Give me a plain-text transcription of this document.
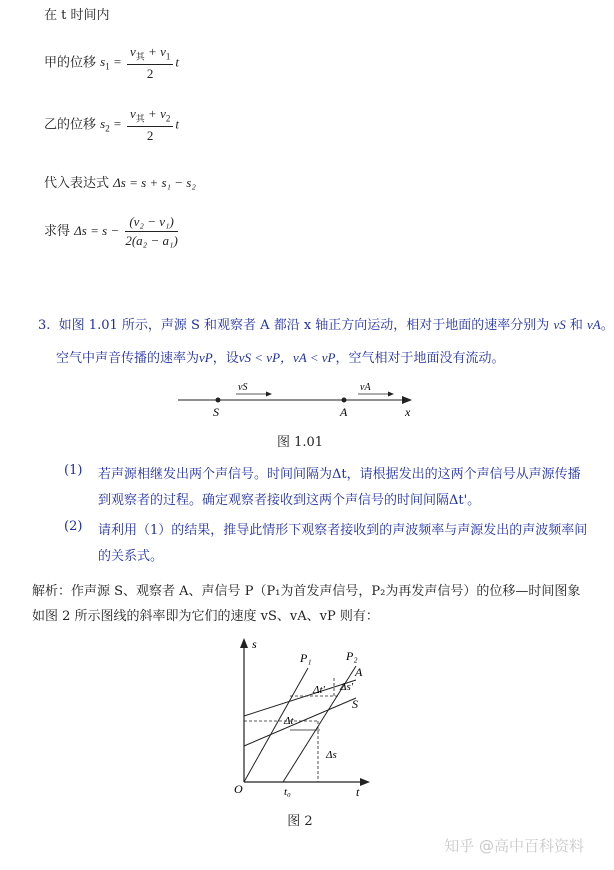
在 t 时间内
甲的位移 $s_1 = \frac{v_其 + v_1}{2}$ t
乙的位移 $s_2 = \frac{v_其 + v_2}{2}$ t
代入表达式 Δs = s + s₁ − s₂
求得 $\Delta s = s - \frac{\text{(v₂ − v₁)}}{\text{2(a₂ − a₁)}}$
3. 如图 1.01 所示，声源 S 和观察者 A 都沿 x 轴正方向运动，相对于地面的速率分别为 vS 和 vA。
空气中声音传播的速率为vP，设vS < vP，vA < vP，空气相对于地面没有流动。
vS	vA
S	A	x
图 1.01
(1) 若声源相继发出两个声信号。时间间隔为Δt，请根据发出的这两个声信号从声源传播
到观察者的过程。确定观察者接收到这两个声信号的时间间隔Δt'。
(2) 请利用（1）的结果，推导此情形下观察者接收到的声波频率与声源发出的声波频率间
的关系式。
解析：作声源 S、观察者 A、声信号 P（P₁为首发声信号，P₂为再发声信号）的位移—时间图象
如图 2 所示图线的斜率即为它们的速度 vS、vA、vP 则有：
s
t
O
P₁	P₂
A
S
Δt' Δs'
Δt
Δs
t₀
图 2
知乎 @高中百科资料
